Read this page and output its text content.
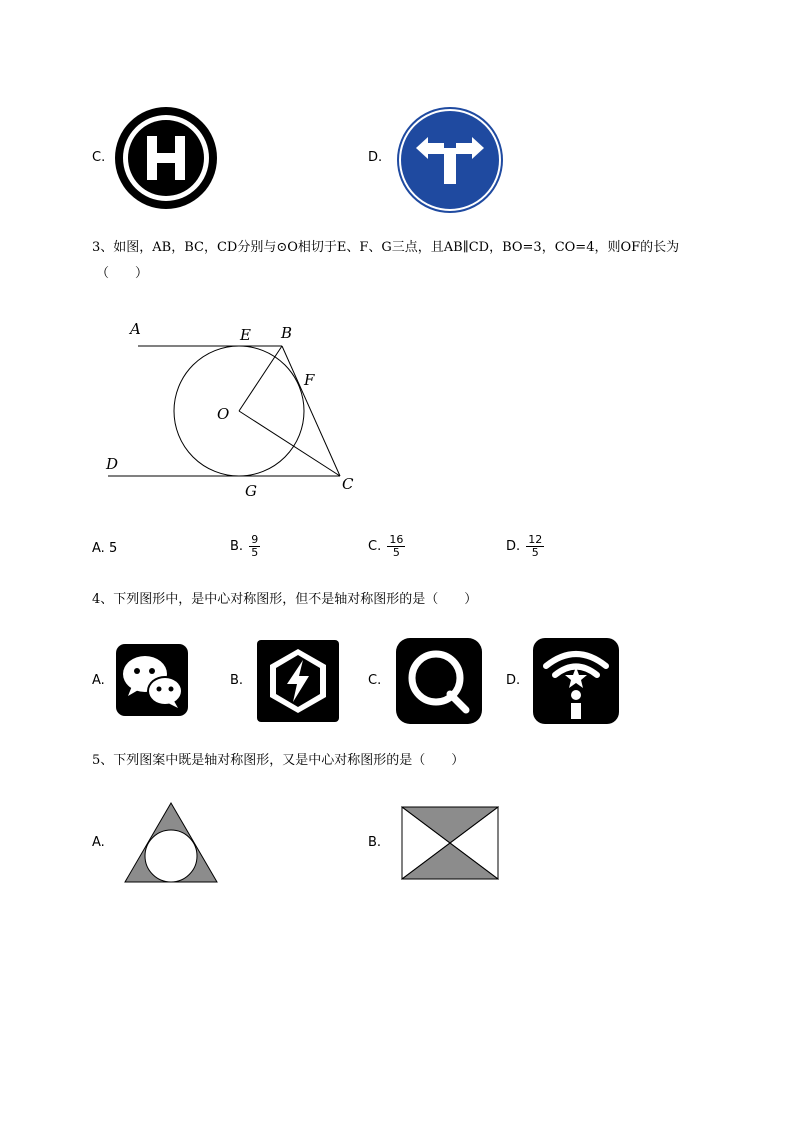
C.	D.
3、如图，AB，BC，CD分别与⊙O相切于E、F、G三点，且AB∥CD，BO=3，CO=4，则OF的长为
（　　）
A	E B
F
O
D
G	C
A. 5	B. $\frac{9}{5}$	C. $\frac{16}{5}$	D. $\frac{12}{5}$
4、下列图形中，是中心对称图形，但不是轴对称图形的是（　　）
A.	B.	C.	D.
5、下列图案中既是轴对称图形，又是中心对称图形的是（　　）
A.	B.
